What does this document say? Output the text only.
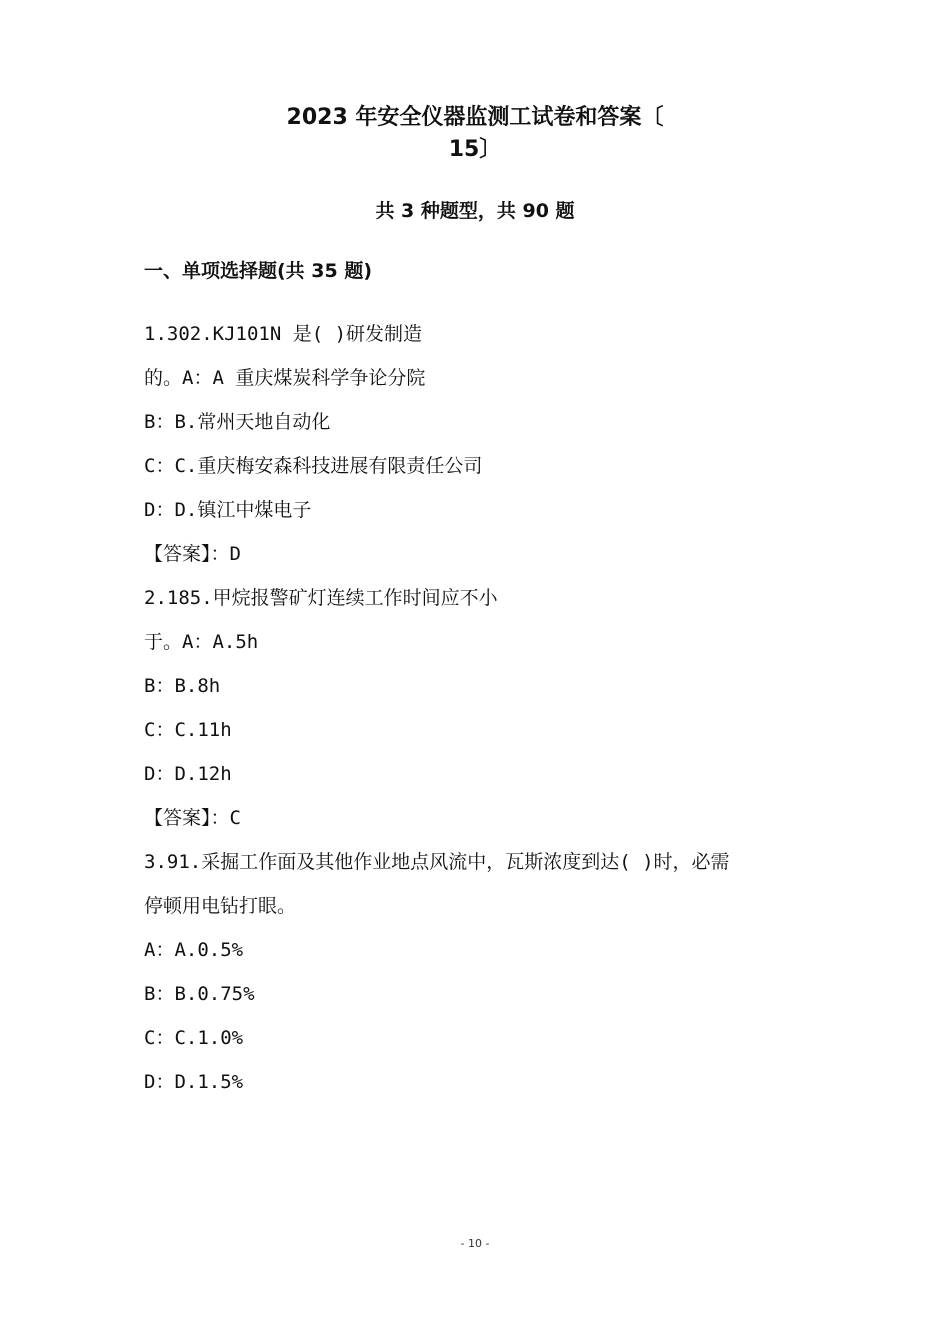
2023 年安全仪器监测工试卷和答案〔
15〕
共 3 种题型，共 90 题
一、单项选择题(共 35 题)

1.302.KJ101N 是( )研发制造

的。A：A 重庆煤炭科学争论分院

B：B.常州天地自动化

C：C.重庆梅安森科技进展有限责任公司

D：D.镇江中煤电子

【答案】：D

2.185.甲烷报警矿灯连续工作时间应不小

于。A：A.5h

B：B.8h

C：C.11h

D：D.12h

【答案】：C

3.91.采掘工作面及其他作业地点风流中，瓦斯浓度到达( )时，必需

停顿用电钻打眼。

A：A.0.5%

B：B.0.75%

C：C.1.0%

D：D.1.5%

- 10 -
